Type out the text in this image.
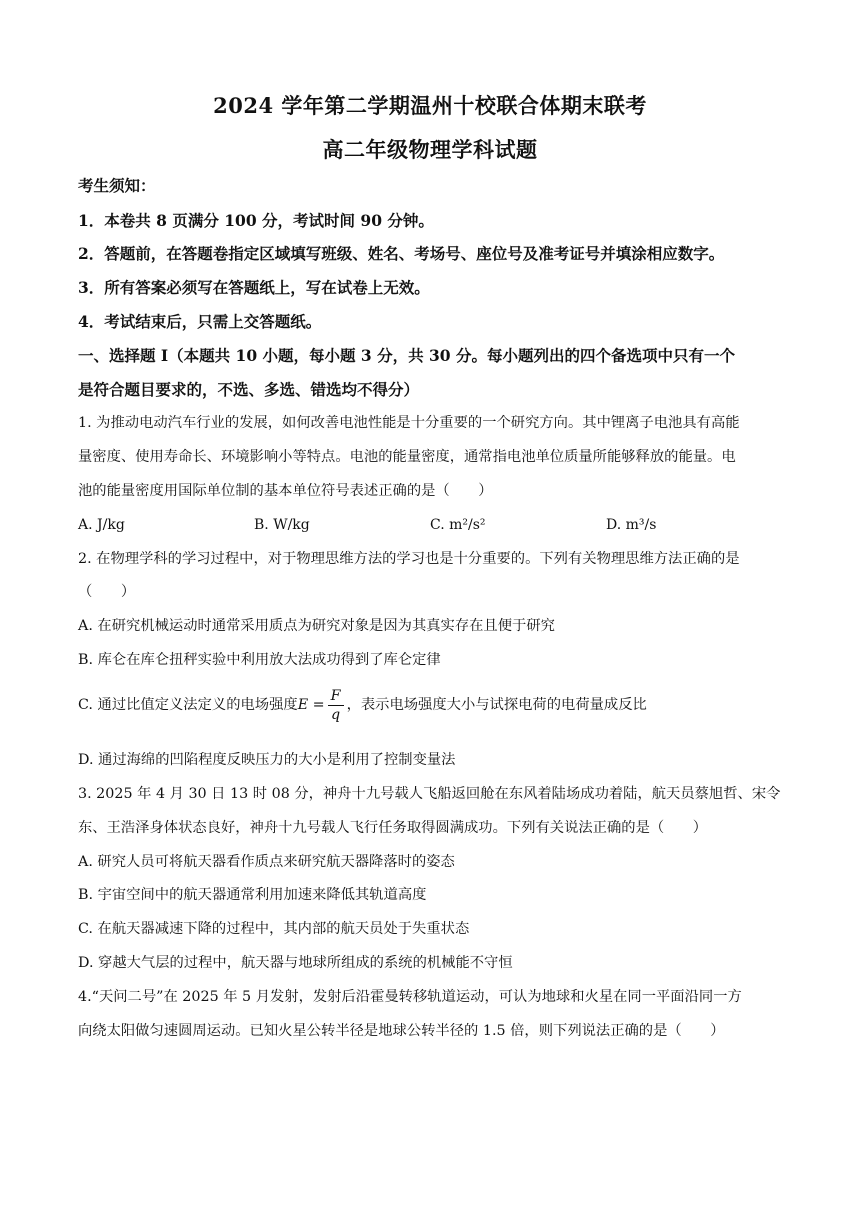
2024 学年第二学期温州十校联合体期末联考
高二年级物理学科试题
考生须知：
1．本卷共 8 页满分 100 分，考试时间 90 分钟。
2．答题前，在答题卷指定区域填写班级、姓名、考场号、座位号及准考证号并填涂相应数字。
3．所有答案必须写在答题纸上，写在试卷上无效。
4．考试结束后，只需上交答题纸。
一、选择题 I（本题共 10 小题，每小题 3 分，共 30 分。每小题列出的四个备选项中只有一个
是符合题目要求的，不选、多选、错选均不得分）
1. 为推动电动汽车行业的发展，如何改善电池性能是十分重要的一个研究方向。其中锂离子电池具有高能
量密度、使用寿命长、环境影响小等特点。电池的能量密度，通常指电池单位质量所能够释放的能量。电
池的能量密度用国际单位制的基本单位符号表述正确的是（　　）
A. J/kg	B. W/kg	C. m²/s²	D. m³/s
2. 在物理学科的学习过程中，对于物理思维方法的学习也是十分重要的。下列有关物理思维方法正确的是
（　　）
A. 在研究机械运动时通常采用质点为研究对象是因为其真实存在且便于研究
B. 库仑在库仑扭秤实验中利用放大法成功得到了库仑定律
C. 通过比值定义法定义的电场强度$E = \frac{F}{q}$ ，表示电场强度大小与试探电荷的电荷量成反比
D. 通过海绵的凹陷程度反映压力的大小是利用了控制变量法
3. 2025 年 4 月 30 日 13 时 08 分，神舟十九号载人飞船返回舱在东风着陆场成功着陆，航天员蔡旭哲、宋令
东、王浩泽身体状态良好，神舟十九号载人飞行任务取得圆满成功。下列有关说法正确的是（　　）
A. 研究人员可将航天器看作质点来研究航天器降落时的姿态
B. 宇宙空间中的航天器通常利用加速来降低其轨道高度
C. 在航天器减速下降的过程中，其内部的航天员处于失重状态
D. 穿越大气层的过程中，航天器与地球所组成的系统的机械能不守恒
4.“天问二号”在 2025 年 5 月发射，发射后沿霍曼转移轨道运动，可认为地球和火星在同一平面沿同一方
向绕太阳做匀速圆周运动。已知火星公转半径是地球公转半径的 1.5 倍，则下列说法正确的是（　　）
